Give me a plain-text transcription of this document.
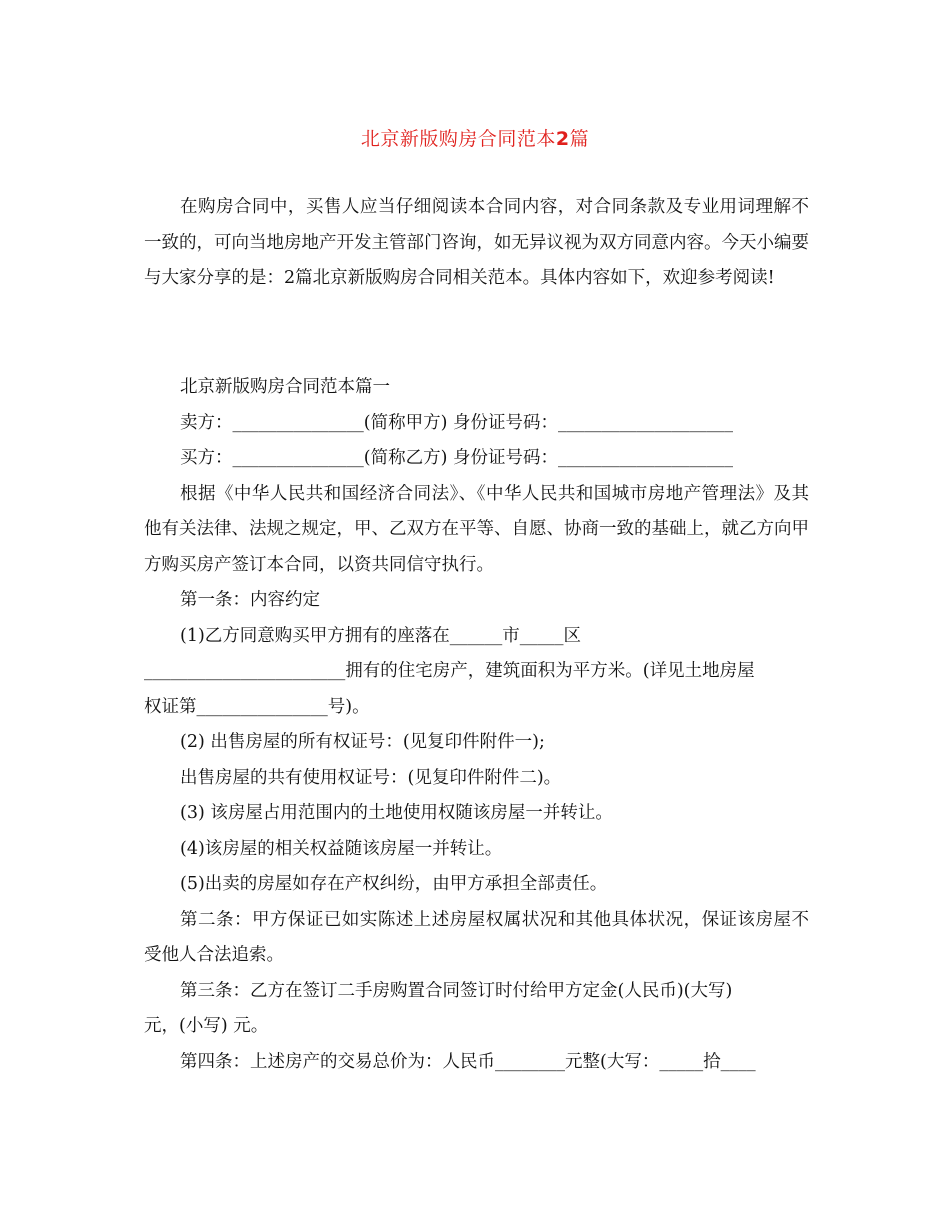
北京新版购房合同范本2篇

在购房合同中，买售人应当仔细阅读本合同内容，对合同条款及专业用词理解不一致的，可向当地房地产开发主管部门咨询，如无异议视为双方同意内容。今天小编要与大家分享的是：2篇北京新版购房合同相关范本。具体内容如下，欢迎参考阅读!

北京新版购房合同范本篇一

卖方：_______________(简称甲方) 身份证号码：____________________

买方：_______________(简称乙方) 身份证号码：____________________

根据《中华人民共和国经济合同法》、《中华人民共和国城市房地产管理法》及其他有关法律、法规之规定，甲、乙双方在平等、自愿、协商一致的基础上，就乙方向甲方购买房产签订本合同，以资共同信守执行。

第一条：内容约定

(1)乙方同意购买甲方拥有的座落在______市_____区

_______________________拥有的住宅房产，建筑面积为平方米。(详见土地房屋

权证第_______________号)。

(2) 出售房屋的所有权证号：(见复印件附件一);

出售房屋的共有使用权证号：(见复印件附件二)。

(3) 该房屋占用范围内的土地使用权随该房屋一并转让。

(4)该房屋的相关权益随该房屋一并转让。

(5)出卖的房屋如存在产权纠纷，由甲方承担全部责任。

第二条：甲方保证已如实陈述上述房屋权属状况和其他具体状况，保证该房屋不受他人合法追索。

第三条：乙方在签订二手房购置合同签订时付给甲方定金(人民币)(大写)

元，(小写) 元。

第四条：上述房产的交易总价为：人民币________元整(大写：_____拾____
